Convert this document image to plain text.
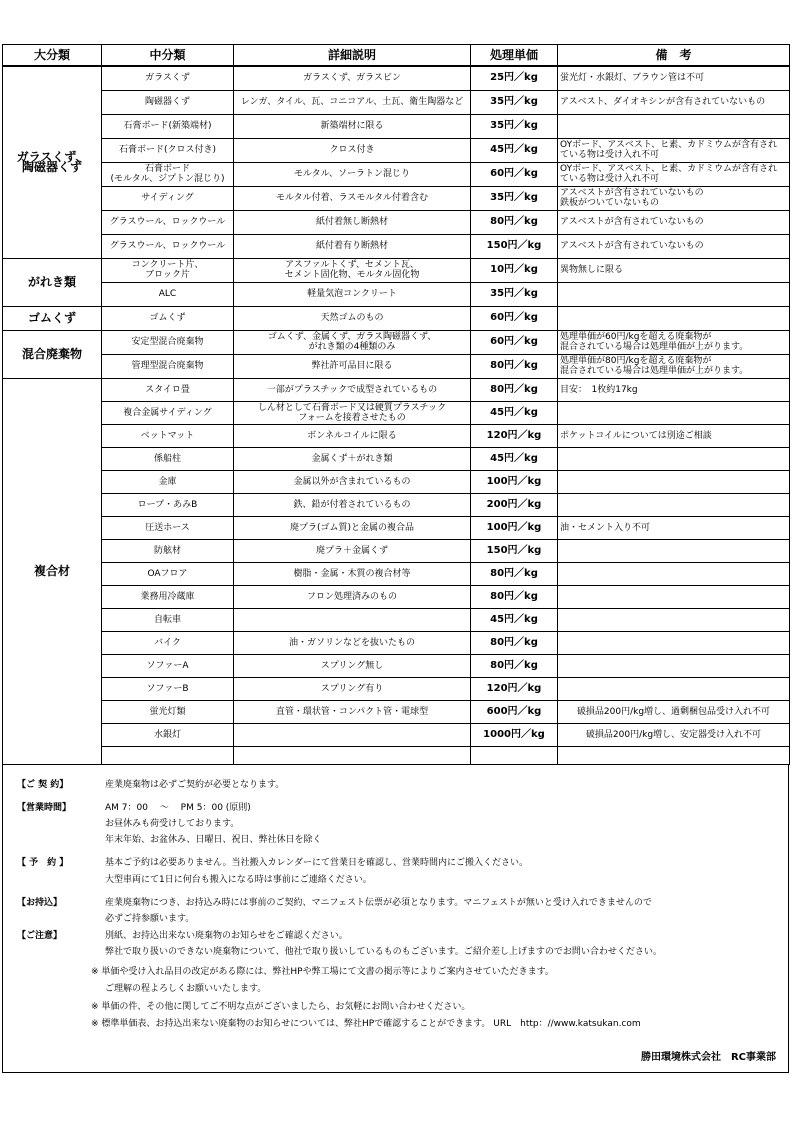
大分類	中分類	詳細説明	処理単価	備　考
ガラスくず、
陶磁器くず	ガラスくず	ガラスくず、ガラスビン	25円／kg	蛍光灯・水銀灯、ブラウン管は不可
	陶磁器くず	レンガ、タイル、瓦、コニコアル、土瓦、衛生陶器など	35円／kg	アスベスト、ダイオキシンが含有されていないもの
	石膏ボード(新築端材)	新築端材に限る	35円／kg	
	石膏ボード(クロス付き)	クロス付き	45円／kg	OYボード、アスベスト、ヒ素、カドミウムが含有され
ている物は受け入れ不可
	石膏ボード
(モルタル、ジプトン混じり)	モルタル、ソーラトン混じり	60円／kg	OYボード、アスベスト、ヒ素、カドミウムが含有され
ている物は受け入れ不可
	サイディング	モルタル付着、ラスモルタル付着含む	35円／kg	アスベストが含有されていないもの
鉄板がついていないもの
	グラスウール、ロックウール	紙付着無し断熱材	80円／kg	アスベストが含有されていないもの
	グラスウール、ロックウール	紙付着有り断熱材	150円／kg	アスベストが含有されていないもの
がれき類	コンクリート片、
ブロック片	アスファルトくず、セメント瓦、
セメント固化物、モルタル固化物	10円／kg	異物無しに限る
	ALC	軽量気泡コンクリート	35円／kg	
ゴムくず	ゴムくず	天然ゴムのもの	60円／kg	
混合廃棄物	安定型混合廃棄物	ゴムくず、金属くず、ガラス陶磁器くず、
がれき類の4種類のみ	60円／kg	処理単価が60円/kgを超える廃棄物が
混合されている場合は処理単価が上がります。
	管理型混合廃棄物	弊社許可品目に限る	80円／kg	処理単価が80円/kgを超える廃棄物が
混合されている場合は処理単価が上がります。
複合材	スタイロ畳	一部がプラスチックで成型されているもの	80円／kg	目安：　1枚約17kg
	複合金属サイディング	しん材として石膏ボード又は硬質プラスチック
フォームを接着させたもの	45円／kg	
	ベットマット	ボンネルコイルに限る	120円／kg	ポケットコイルについては別途ご相談
	係船柱	金属くず＋がれき類	45円／kg	
	金庫	金属以外が含まれているもの	100円／kg	
	ロープ・あみB	鉄、鉛が付着されているもの	200円／kg	
	圧送ホース	廃プラ(ゴム質)と金属の複合品	100円／kg	油・セメント入り不可
	防舷材	廃プラ＋金属くず	150円／kg	
	OAフロア	樹脂・金属・木質の複合材等	80円／kg	
	業務用冷蔵庫	フロン処理済みのもの	80円／kg	
	自転車		45円／kg	
	バイク	油・ガソリンなどを抜いたもの	80円／kg	
	ソファーA	スプリング無し	80円／kg	
	ソファーB	スプリング有り	120円／kg	
	蛍光灯類	直管・環状管・コンパクト管・電球型	600円／kg	破損品200円/kg増し、過剰梱包品受け入れ不可
	水銀灯		1000円／kg	破損品200円/kg増し、安定器受け入れ不可

【ご 契 約】	産業廃棄物は必ずご契約が必要となります。
【営業時間】	AM 7：00　 ～　 PM 5：00 (原則)
お昼休みも荷受けしております。
年末年始、お盆休み、日曜日、祝日、弊社休日を除く
【 予　約 】	基本ご予約は必要ありません。当社搬入カレンダーにて営業日を確認し、営業時間内にご搬入ください。
大型車両にて1日に何台も搬入になる時は事前にご連絡ください。
【お持込】	産業廃棄物につき、お持込み時には事前のご契約、マニフェスト伝票が必須となります。マニフェストが無いと受け入れできませんので
必ずご持参願います。
【ご注意】	別紙、お持込出来ない廃棄物のお知らせをご確認ください。
弊社で取り扱いのできない廃棄物について、他社で取り扱いしているものもございます。ご紹介差し上げますのでお問い合わせください。
※ 単価や受け入れ品目の改定がある際には、弊社HPや弊工場にて文書の掲示等によりご案内させていただきます。
ご理解の程よろしくお願いいたします。
※ 単価の件、その他に関してご不明な点がございましたら、お気軽にお問い合わせください。
※ 標準単価表、お持込出来ない廃棄物のお知らせについては、弊社HPで確認することができます。 URL　http：//www.katsukan.com
勝田環境株式会社　RC事業部
